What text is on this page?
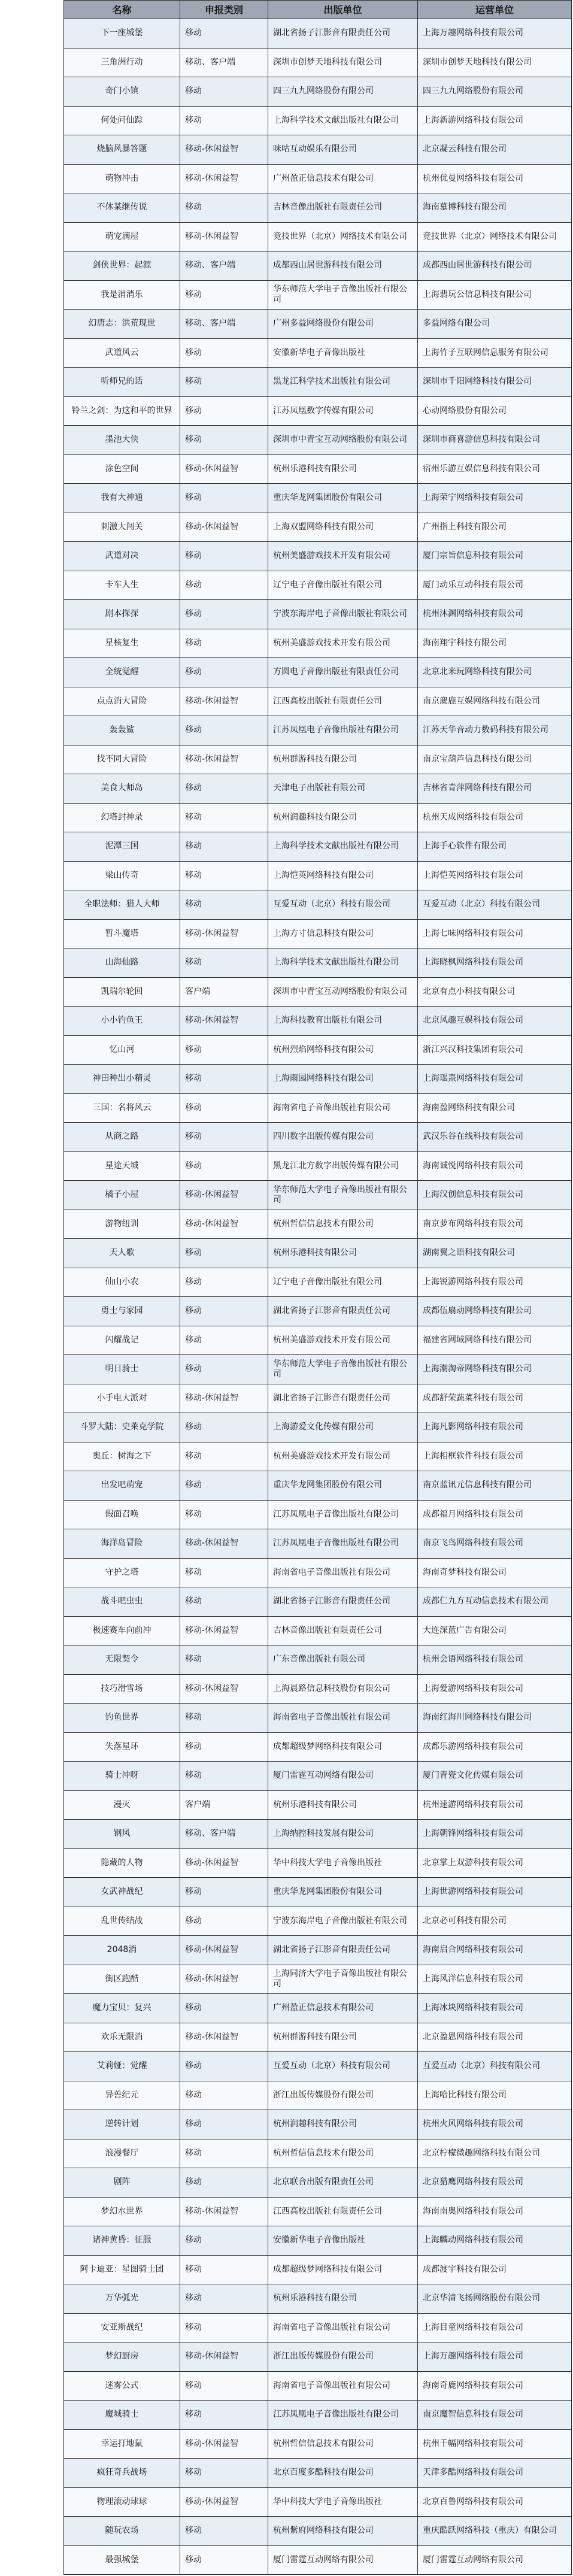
名称	申报类别	出版单位	运营单位
下一座城堡	移动	湖北省扬子江影音有限责任公司	上海万趣网络科技有限公司
三角洲行动	移动、客户端	深圳市创梦天地科技有限公司	深圳市创梦天地科技有限公司
奇门小镇	移动	四三九九网络股份有限公司	四三九九网络股份有限公司
何处问仙踪	移动	上海科学技术文献出版社有限公司	上海新游网络科技有限公司
烧脑风暴答题	移动-休闲益智	咪咕互动娱乐有限公司	北京凝云科技有限公司
萌物冲击	移动-休闲益智	广州盈正信息技术有限公司	杭州优曼网络科技有限公司
不休某继传说	移动	吉林音像出版社有限责任公司	海南慕博科技有限公司
萌宠满屋	移动-休闲益智	竞技世界（北京）网络技术有限公司	竞技世界（北京）网络技术有限公司
剑侠世界：起源	移动、客户端	成都西山居世游科技有限公司	成都西山居世游科技有限公司
我是消消乐	移动	华东师范大学电子音像出版社有限公司	上海翡玩公信息科技有限公司
幻唐志：洪荒现世	移动、客户端	广州多益网络股份有限公司	多益网络有限公司
武道风云	移动	安徽新华电子音像出版社	上海竹子互联网信息服务有限公司
听师兄的话	移动	黑龙江科学技术出版社有限公司	深圳市千阳网络科技有限公司
铃兰之剑：为这和平的世界	移动	江苏凤凰数字传媒有限公司	心动网络股份有限公司
墨池大侠	移动	深圳市中青宝互动网络股份有限公司	深圳市商喜游信息科技有限公司
涂色空间	移动-休闲益智	杭州乐港科技有限公司	宿州乐游互娱信息科技有限公司
我有大神通	移动	重庆华龙网集团股份有限公司	上海荣宁网络科技有限公司
刺激大闯关	移动-休闲益智	上海双盟网络科技有限公司	广州指上科技有限公司
武道对决	移动	杭州美盛游戏技术开发有限公司	厦门宗旨信息科技有限公司
卡车人生	移动	辽宁电子音像出版社有限公司	厦门动乐互动科技有限公司
剧本探探	移动	宁波东海岸电子音像出版社有限公司	杭州沐渊网络科技有限公司
星核复生	移动	杭州美盛游戏技术开发有限公司	海南翔宇科技有限公司
全统觉醒	移动	方圆电子音像出版社有限责任公司	北京北米玩网络科技有限公司
点点消大冒险	移动-休闲益智	江西高校出版社有限责任公司	南京麋鹿互娱网络科技有限公司
轰轰鲨	移动	江苏凤凰电子音像出版社有限公司	江苏天华音动力数码科技有限公司
找不同大冒险	移动-休闲益智	杭州群游科技有限公司	南京宝葫芦信息科技有限公司
美食大师岛	移动	天津电子出版社有限公司	吉林省青萍网络科技有限公司
幻塔封神录	移动	杭州润趣科技有限公司	杭州天成网络科技有限公司
泥潭三国	移动	上海科学技术文献出版社有限公司	上海手心软件有限公司
梁山传奇	移动	上海恺英网络科技有限公司	上海恺英网络科技有限公司
全职法师：猎人大师	移动	互爱互动（北京）科技有限公司	互爱互动（北京）科技有限公司
暂斗魔塔	移动-休闲益智	上海方寸信息科技有限公司	上海七味网络科技有限公司
山海仙路	移动	上海科学技术文献出版社有限公司	上海晓枫网络科技有限公司
凯瑞尔轮回	客户端	深圳市中青宝互动网络股份有限公司	北京有点小科技有限公司
小小钓鱼王	移动-休闲益智	上海科技教育出版社有限公司	北京风趣互娱科技有限公司
忆山河	移动	杭州烈焰网络科技有限公司	浙江兴汉科技集团有限公司
神田种出小精灵	移动	上海雨园网络科技有限公司	上海瑶熹网络科技有限公司
三国：名将风云	移动	海南省电子音像出版社有限公司	海南盈网络科技有限公司
从商之路	移动	四川数字出版传媒有限公司	武汉乐谷在线科技有限公司
星途天城	移动	黑龙江北方数字出版传媒有限公司	海南诚悦网络科技有限公司
橘子小屋	移动-休闲益智	华东师范大学电子音像出版社有限公司	上海汉创信息科技有限公司
游物纽训	移动-休闲益智	杭州哲信信息技术有限公司	南京萝布网络科技有限公司
天人歌	移动	杭州乐港科技有限公司	湖南翼之语科技有限公司
仙山小农	移动	辽宁电子音像出版社有限公司	上海锐游网络科技有限公司
勇士与家园	移动	湖北省扬子江影音有限责任公司	成都伍扇动网络科技有限公司
闪耀战记	移动	杭州美盛游戏技术开发有限公司	福建省网域网络科技有限公司
明日骑士	移动	华东师范大学电子音像出版社有限公司	上海潮淘帝网络科技有限公司
小手电大派对	移动-休闲益智	湖北省扬子江影音有限责任公司	成都舒荣蔬菜科技有限公司
斗罗大陆：史莱克学院	移动	上海游爱文化传媒有限公司	上海凡影网络科技有限公司
奥丘：树海之下	移动	杭州美盛游戏技术开发有限公司	上海相框软件科技有限公司
出发吧萌宠	移动	重庆华龙网集团股份有限公司	南京蓝讯元信息科技有限公司
假面召唤	移动	江苏凤凰电子音像出版社有限公司	成都福月网络科技有限公司
海洋岛冒险	移动-休闲益智	江苏凤凰电子音像出版社有限公司	南京飞鸟网络科技有限公司
守护之塔	移动	海南省电子音像出版社有限公司	海南奇梦科技有限公司
战斗吧虫虫	移动	湖北省扬子江影音有限责任公司	成都仁九方互动信息技术有限公司
极速赛车向前冲	移动-休闲益智	吉林音像出版社有限责任公司	大连深蓝广告有限公司
无限契令	移动	广东音像出版社有限公司	杭州会语网络科技有限公司
技巧滑雪场	移动-休闲益智	上海晨路信息科技股份有限公司	上海爱游网络科技有限公司
钓鱼世界	移动	海南省电子音像出版社有限公司	海南红海川网络科技有限公司
失落星环	移动	成都超级梦网络科技有限公司	成都乐游网络科技有限公司
骑士冲呀	移动	厦门雷霆互动网络有限公司	厦门青瓷文化传媒有限公司
漫灭	客户端	杭州乐港科技有限公司	杭州速游网络科技有限公司
钢风	移动、客户端	上海纳控科技发展有限公司	上海朝锋网络科技有限公司
隐藏的人物	移动-休闲益智	华中科技大学电子音像出版社	北京掌上双游科技有限公司
女武神战纪	移动	重庆华龙网集团股份有限公司	上海世游网络科技有限公司
乱世传结战	移动	宁波东海岸电子音像出版社有限公司	北京必可科技有限公司
2048消	移动-休闲益智	湖北省扬子江影音有限责任公司	海南启合网络科技有限公司
街区跑酷	移动-休闲益智	上海同济大学电子音像出版社有限公司	上海风洋信息科技有限公司
魔力宝贝：复兴	移动	广州盈正信息技术有限公司	上海冰块网络科技有限公司
欢乐无限消	移动-休闲益智	杭州群游科技有限公司	北京盈恩网络科技有限公司
艾莉娅：觉醒	移动	互爱互动（北京）科技有限公司	互爱互动（北京）科技有限公司
异兽纪元	移动	浙江出版传媒股份有限公司	上海哈比科技有限公司
逆转计划	移动	杭州润趣科技有限公司	杭州火风网络科技有限公司
浪漫餐厅	移动	杭州哲信信息技术有限公司	北京柠檬微趣网络科技有限公司
剧阵	移动	北京联合出版有限责任公司	北京猎鹰网络科技有限公司
梦幻水世界	移动-休闲益智	江西高校出版社有限责任公司	海南南奥网络科技有限公司
诸神黄昏：征服	移动	安徽新华电子音像出版社	上海麟动网络科技有限公司
阿卡迪亚：星图骑士团	移动	成都超级梦网络科技有限公司	成都渡宇科技有限公司
万华弧光	移动	杭州乐港科技有限公司	北京华清飞扬网络股份有限公司
安亚斯战纪	移动	海南省电子音像出版社有限公司	上海目童网络科技有限公司
梦幻厨房	移动-休闲益智	浙江出版传媒股份有限公司	上海万趣网络科技有限公司
迷雾公式	移动	海南省电子音像出版社有限公司	海南奇鹿网络科技有限公司
魔城骑士	移动	江苏凤凰电子音像出版社有限公司	南京魔智信息科技有限公司
幸运打地鼠	移动-休闲益智	杭州哲信信息技术有限公司	杭州千幅网络科技有限公司
疯狂奇兵战场	移动	北京百度多酷科技有限公司	天津多酷网络科技有限公司
物理滚动球球	移动-休闲益智	华中科技大学电子音像出版社	北京百鲁网络科技有限公司
随玩农场	移动	杭州紫府网络科技有限公司	重庆酷跃网络科技（重庆）有限公司
最强城堡	移动	厦门雷霆互动网络有限公司	厦门雷霆互动网络有限公司
